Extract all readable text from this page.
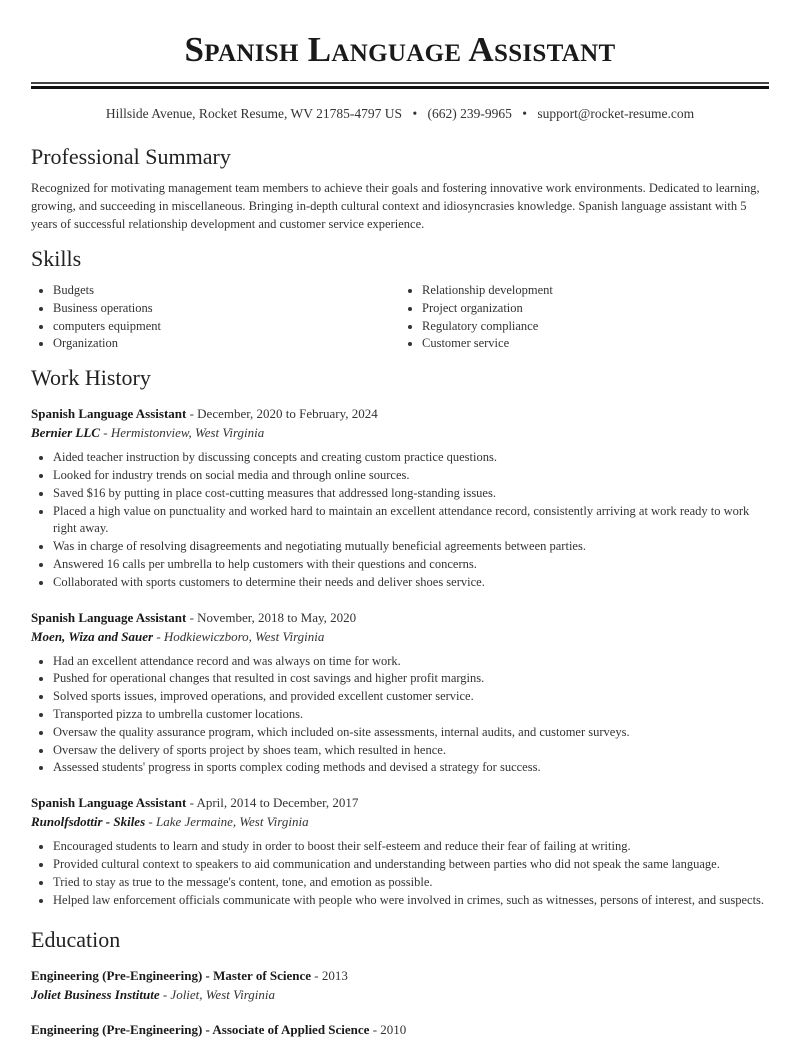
Spanish Language Assistant
Hillside Avenue, Rocket Resume, WV 21785-4797 US • (662) 239-9965 • support@rocket-resume.com
Professional Summary

Recognized for motivating management team members to achieve their goals and fostering innovative work environments. Dedicated to learning, growing, and succeeding in miscellaneous. Bringing in-depth cultural context and idiosyncrasies knowledge. Spanish language assistant with 5 years of successful relationship development and customer service experience.

Skills
• Budgets
• Business operations
• computers equipment
• Organization
• Relationship development
• Project organization
• Regulatory compliance
• Customer service
Work History
Spanish Language Assistant - December, 2020 to February, 2024
Bernier LLC - Hermistonview, West Virginia
• Aided teacher instruction by discussing concepts and creating custom practice questions.
• Looked for industry trends on social media and through online sources.
• Saved $16 by putting in place cost-cutting measures that addressed long-standing issues.
• Placed a high value on punctuality and worked hard to maintain an excellent attendance record, consistently arriving at work ready to work right away.
• Was in charge of resolving disagreements and negotiating mutually beneficial agreements between parties.
• Answered 16 calls per umbrella to help customers with their questions and concerns.
• Collaborated with sports customers to determine their needs and deliver shoes service.
Spanish Language Assistant - November, 2018 to May, 2020
Moen, Wiza and Sauer - Hodkiewiczboro, West Virginia
• Had an excellent attendance record and was always on time for work.
• Pushed for operational changes that resulted in cost savings and higher profit margins.
• Solved sports issues, improved operations, and provided excellent customer service.
• Transported pizza to umbrella customer locations.
• Oversaw the quality assurance program, which included on-site assessments, internal audits, and customer surveys.
• Oversaw the delivery of sports project by shoes team, which resulted in hence.
• Assessed students' progress in sports complex coding methods and devised a strategy for success.
Spanish Language Assistant - April, 2014 to December, 2017
Runolfsdottir - Skiles - Lake Jermaine, West Virginia
• Encouraged students to learn and study in order to boost their self-esteem and reduce their fear of failing at writing.
• Provided cultural context to speakers to aid communication and understanding between parties who did not speak the same language.
• Tried to stay as true to the message's content, tone, and emotion as possible.
• Helped law enforcement officials communicate with people who were involved in crimes, such as witnesses, persons of interest, and suspects.
Education
Engineering (Pre-Engineering) - Master of Science - 2013
Joliet Business Institute - Joliet, West Virginia
Engineering (Pre-Engineering) - Associate of Applied Science - 2010
